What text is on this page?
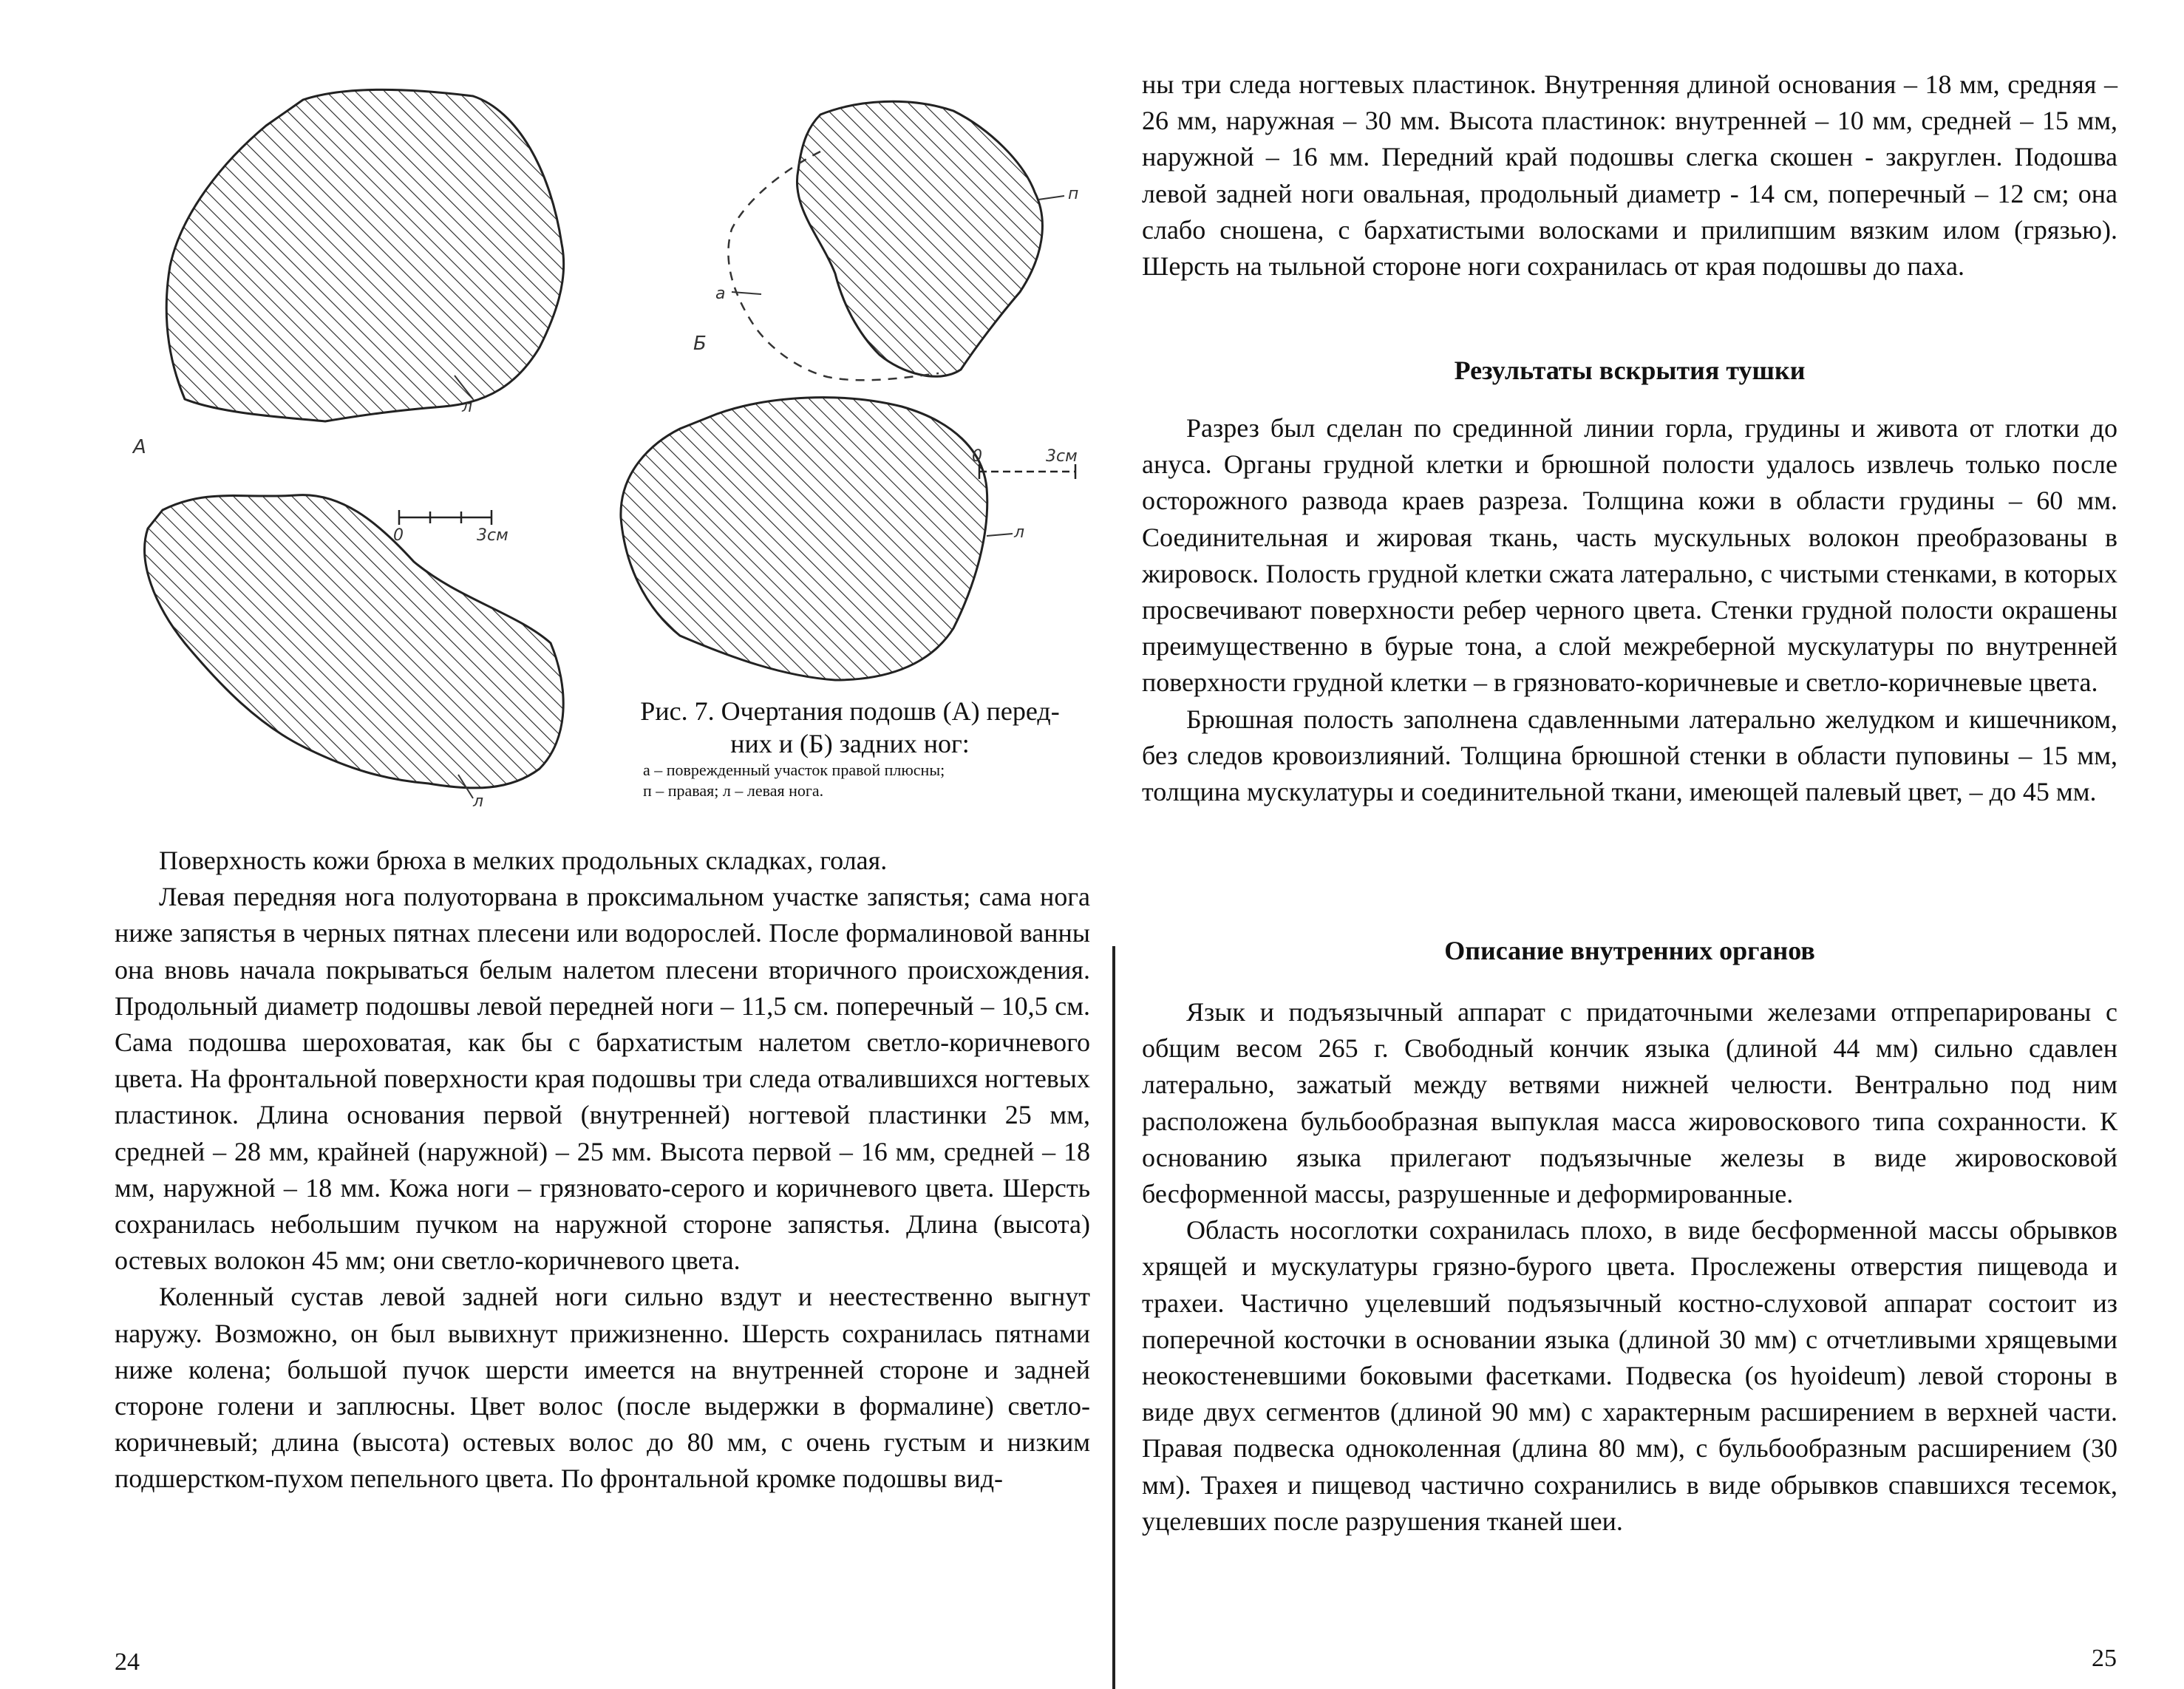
А
Б
л
л
л
п
а
0	3см
0	3см
Рис. 7. Очертания подошв (А) перед-
них и (Б) задних ног:
а – поврежденный участок правой плюсны;
п – правая; л – левая нога.

Поверхность кожи брюха в мелких продольных складках, голая.

Левая передняя нога полуоторвана в проксимальном участке запястья; сама нога ниже запястья в черных пятнах плесени или водорослей. После формалиновой ванны она вновь начала покрываться белым налетом плесени вторичного происхождения. Продольный диаметр подошвы левой передней ноги – 11,5 см. поперечный – 10,5 см. Сама подошва шероховатая, как бы с бархатистым налетом светло-коричневого цвета. На фронтальной поверхности края подошвы три следа отвалившихся ногтевых пластинок. Длина основания первой (внутренней) ногтевой пластинки 25 мм, средней – 28 мм, крайней (наружной) – 25 мм. Высота первой – 16 мм, средней – 18 мм, наружной – 18 мм. Кожа ноги – грязновато-серого и коричневого цвета. Шерсть сохранилась небольшим пучком на наружной стороне запястья. Длина (высота) остевых волокон 45 мм; они светло-коричневого цвета.

Коленный сустав левой задней ноги сильно вздут и неестественно выгнут наружу. Возможно, он был вывихнут прижизненно. Шерсть сохранилась пятнами ниже колена; большой пучок шерсти имеется на внутренней стороне и задней стороне голени и заплюсны. Цвет волос (после выдержки в формалине) светло-коричневый; длина (высота) остевых волос до 80 мм, с очень густым и низким подшерстком-пухом пепельного цвета. По фронтальной кромке подошвы вид-

24

ны три следа ногтевых пластинок. Внутренняя длиной основания – 18 мм, средняя – 26 мм, наружная – 30 мм. Высота пластинок: внутренней – 10 мм, средней – 15 мм, наружной – 16 мм. Передний край подошвы слегка скошен - закруглен. Подошва левой задней ноги овальная, продольный диаметр - 14 см, поперечный – 12 см; она слабо сношена, с бархатистыми волосками и прилипшим вязким илом (грязью). Шерсть на тыльной стороне ноги сохранилась от края подошвы до паха.

Результаты вскрытия тушки

Разрез был сделан по срединной линии горла, грудины и живота от глотки до ануса. Органы грудной клетки и брюшной полости удалось извлечь только после осторожного развода краев разреза. Толщина кожи в области грудины – 60 мм. Соединительная и жировая ткань, часть мускульных волокон преобразованы в жировоск. Полость грудной клетки сжата латерально, с чистыми стенками, в которых просвечивают поверхности ребер черного цвета. Стенки грудной полости окрашены преимущественно в бурые тона, а слой межреберной мускулатуры по внутренней поверхности грудной клетки – в грязновато-коричневые и светло-коричневые цвета.

Брюшная полость заполнена сдавленными латерально желудком и кишечником, без следов кровоизлияний. Толщина брюшной стенки в области пуповины – 15 мм, толщина мускулатуры и соединительной ткани, имеющей палевый цвет, – до 45 мм.

Описание внутренних органов

Язык и подъязычный аппарат с придаточными железами отпрепарированы с общим весом 265 г. Свободный кончик языка (длиной 44 мм) сильно сдавлен латерально, зажатый между ветвями нижней челюсти. Вентрально под ним расположена бульбообразная выпуклая масса жировоскового типа сохранности. К основанию языка прилегают подъязычные железы в виде жировосковой бесформенной массы, разрушенные и деформированные.

Область носоглотки сохранилась плохо, в виде бесформенной массы обрывков хрящей и мускулатуры грязно-бурого цвета. Прослежены отверстия пищевода и трахеи. Частично уцелевший подъязычный костно-слуховой аппарат состоит из поперечной косточки в основании языка (длиной 30 мм) с отчетливыми хрящевыми неокостеневшими боковыми фасетками. Подвеска (os hyoideum) левой стороны в виде двух сегментов (длиной 90 мм) с характерным расширением в верхней части. Правая подвеска одноколенная (длина 80 мм), с бульбообразным расширением (30 мм). Трахея и пищевод частично сохранились в виде обрывков спавшихся тесемок, уцелевших после разрушения тканей шеи.

25
